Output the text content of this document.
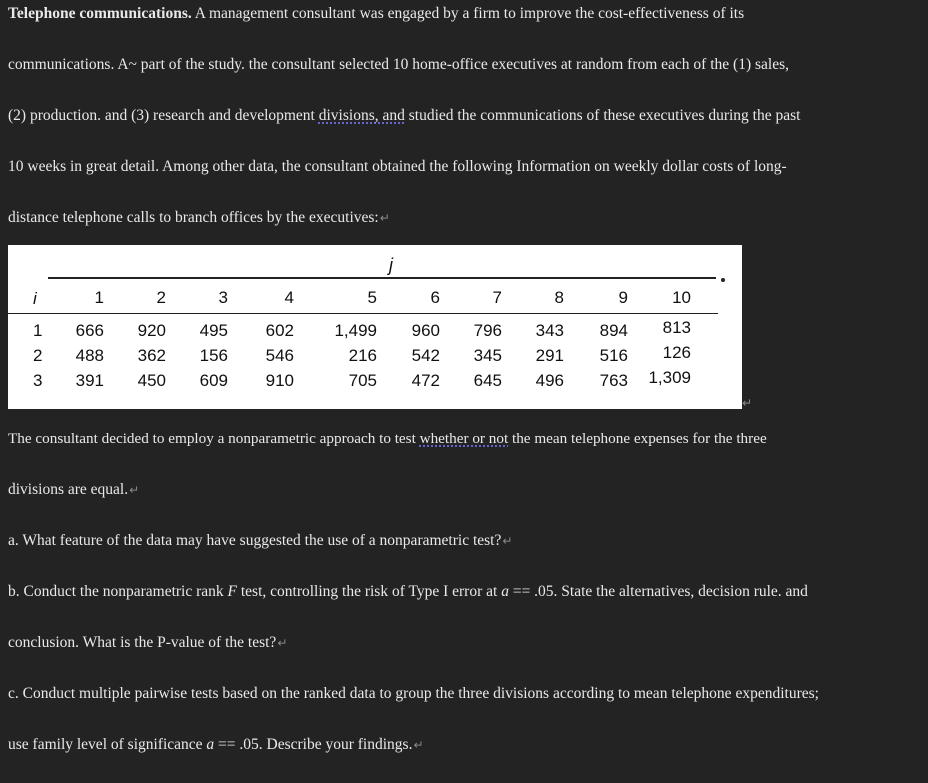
Telephone communications. A management consultant was engaged by a firm to improve the cost-effectiveness of its
communications. A~ part of the study. the consultant selected 10 home-office executives at random from each of the (1) sales,
(2) production. and (3) research and development divisions, and studied the communications of these executives during the past
10 weeks in great detail. Among other data, the consultant obtained the following Information on weekly dollar costs of long-
distance telephone calls to branch offices by the executives:↵
j
i	1	2	3	4	5	6	7	8	9	10
1 666 920 495 602 1,499 960 796 343 894 813
2 488 362 156 546	216 542 345 291 516 126
3 391 450 609 910	705 472 645 496 763 1,309
↵
The consultant decided to employ a nonparametric approach to test whether or not the mean telephone expenses for the three
divisions are equal.↵
a. What feature of the data may have suggested the use of a nonparametric test?↵
b. Conduct the nonparametric rank F test, controlling the risk of Type I error at a == .05. State the alternatives, decision rule. and
conclusion. What is the P-value of the test?↵
c. Conduct multiple pairwise tests based on the ranked data to group the three divisions according to mean telephone expenditures;
use family level of significance a == .05. Describe your findings.↵
